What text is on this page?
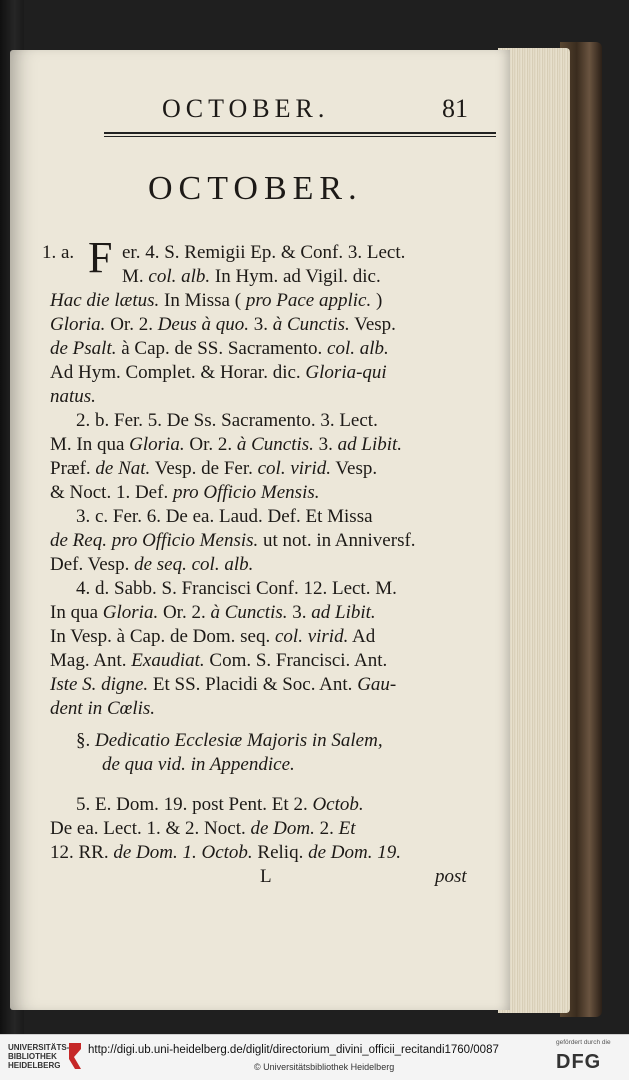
OCTOBER.	81
OCTOBER.
1. a. F er. 4. S. Remigii Ep. & Conf. 3. Lect.
M. col. alb. In Hym. ad Vigil. dic.
Hac die lætus. In Missa ( pro Pace applic. )
Gloria. Or. 2. Deus à quo. 3. à Cunctis. Vesp.
de Psalt. à Cap. de SS. Sacramento. col. alb.
Ad Hym. Complet. & Horar. dic. Gloria-qui
natus.
2. b. Fer. 5. De Ss. Sacramento. 3. Lect.
M. In qua Gloria. Or. 2. à Cunctis. 3. ad Libit.
Præf. de Nat. Vesp. de Fer. col. virid. Vesp.
& Noct. 1. Def. pro Officio Mensis.
3. c. Fer. 6. De ea. Laud. Def. Et Missa
de Req. pro Officio Mensis. ut not. in Anniversf.
Def. Vesp. de seq. col. alb.
4. d. Sabb. S. Francisci Conf. 12. Lect. M.
In qua Gloria. Or. 2. à Cunctis. 3. ad Libit.
In Vesp. à Cap. de Dom. seq. col. virid. Ad
Mag. Ant. Exaudiat. Com. S. Francisci. Ant.
Iste S. digne. Et SS. Placidi & Soc. Ant. Gau-
dent in Cœlis.
§. Dedicatio Ecclesiæ Majoris in Salem,
de qua vid. in Appendice.
5. E. Dom. 19. post Pent. Et 2. Octob.
De ea. Lect. 1. & 2. Noct. de Dom. 2. Et
12. RR. de Dom. 1. Octob. Reliq. de Dom. 19.
L	post
UNIVERSITÄTS-
BIBLIOTHEK
HEIDELBERG
http://digi.ub.uni-heidelberg.de/diglit/directorium_divini_officii_recitandi1760/0087
© Universitätsbibliothek Heidelberg
gefördert durch die
DFG
